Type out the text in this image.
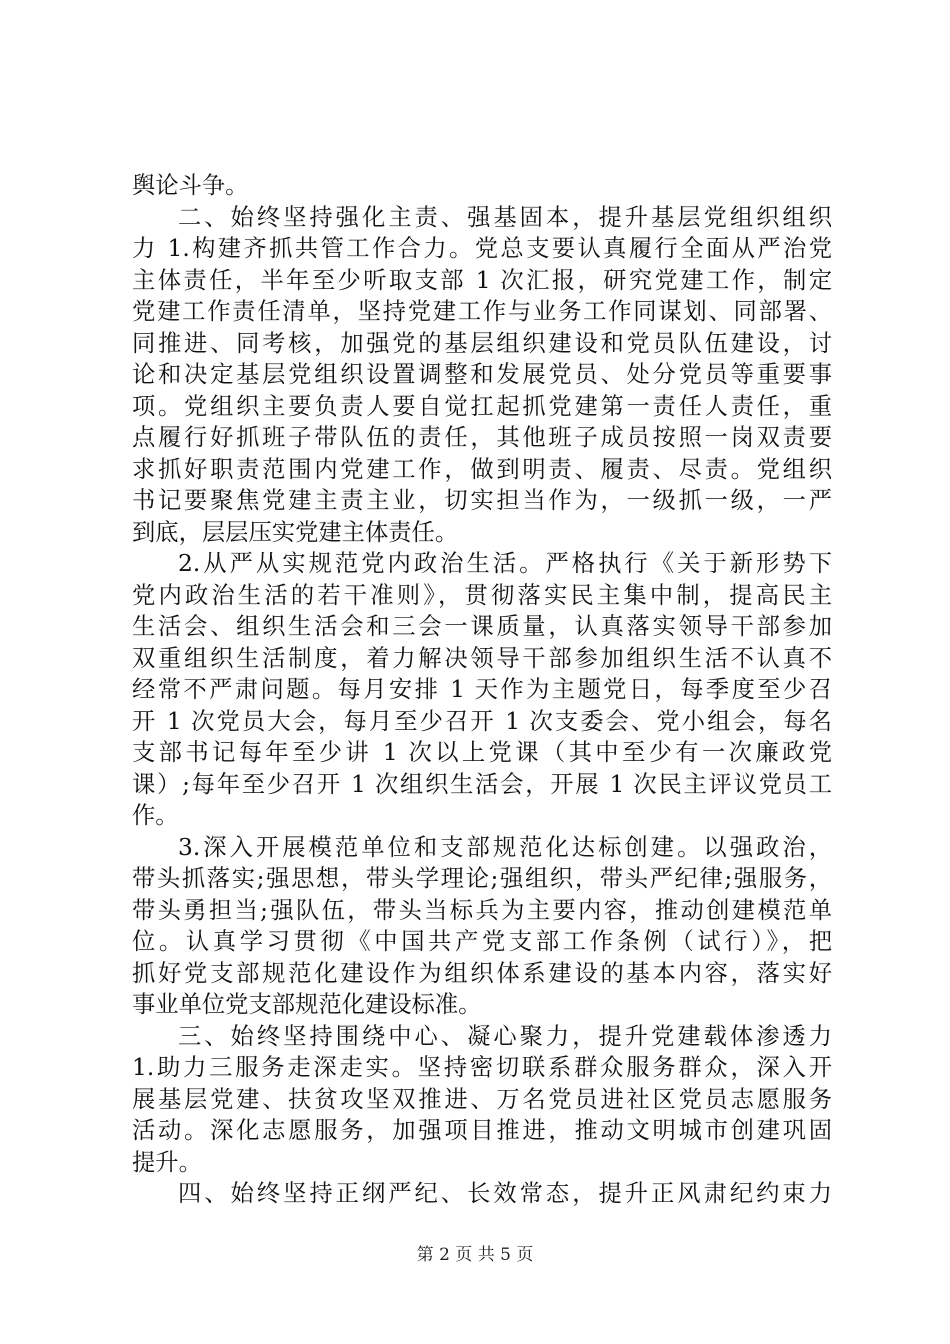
舆论斗争。
二、始终坚持强化主责、强基固本，提升基层党组织组织
力 1.构建齐抓共管工作合力。党总支要认真履行全面从严治党
主体责任，半年至少听取支部 1 次汇报，研究党建工作，制定
党建工作责任清单，坚持党建工作与业务工作同谋划、同部署、
同推进、同考核，加强党的基层组织建设和党员队伍建设，讨
论和决定基层党组织设置调整和发展党员、处分党员等重要事
项。党组织主要负责人要自觉扛起抓党建第一责任人责任，重
点履行好抓班子带队伍的责任，其他班子成员按照一岗双责要
求抓好职责范围内党建工作，做到明责、履责、尽责。党组织
书记要聚焦党建主责主业，切实担当作为，一级抓一级，一严
到底，层层压实党建主体责任。
2.从严从实规范党内政治生活。严格执行《关于新形势下
党内政治生活的若干准则》，贯彻落实民主集中制，提高民主
生活会、组织生活会和三会一课质量，认真落实领导干部参加
双重组织生活制度，着力解决领导干部参加组织生活不认真不
经常不严肃问题。每月安排 1 天作为主题党日，每季度至少召
开 1 次党员大会，每月至少召开 1 次支委会、党小组会，每名
支部书记每年至少讲 1 次以上党课（其中至少有一次廉政党
课）;每年至少召开 1 次组织生活会，开展 1 次民主评议党员工
作。
3.深入开展模范单位和支部规范化达标创建。以强政治，
带头抓落实;强思想，带头学理论;强组织，带头严纪律;强服务，
带头勇担当;强队伍，带头当标兵为主要内容，推动创建模范单
位。认真学习贯彻《中国共产党支部工作条例（试行）》，把
抓好党支部规范化建设作为组织体系建设的基本内容，落实好
事业单位党支部规范化建设标准。
三、始终坚持围绕中心、凝心聚力，提升党建载体渗透力
1.助力三服务走深走实。坚持密切联系群众服务群众，深入开
展基层党建、扶贫攻坚双推进、万名党员进社区党员志愿服务
活动。深化志愿服务，加强项目推进，推动文明城市创建巩固
提升。
四、始终坚持正纲严纪、长效常态，提升正风肃纪约束力
第 2 页 共 5 页
